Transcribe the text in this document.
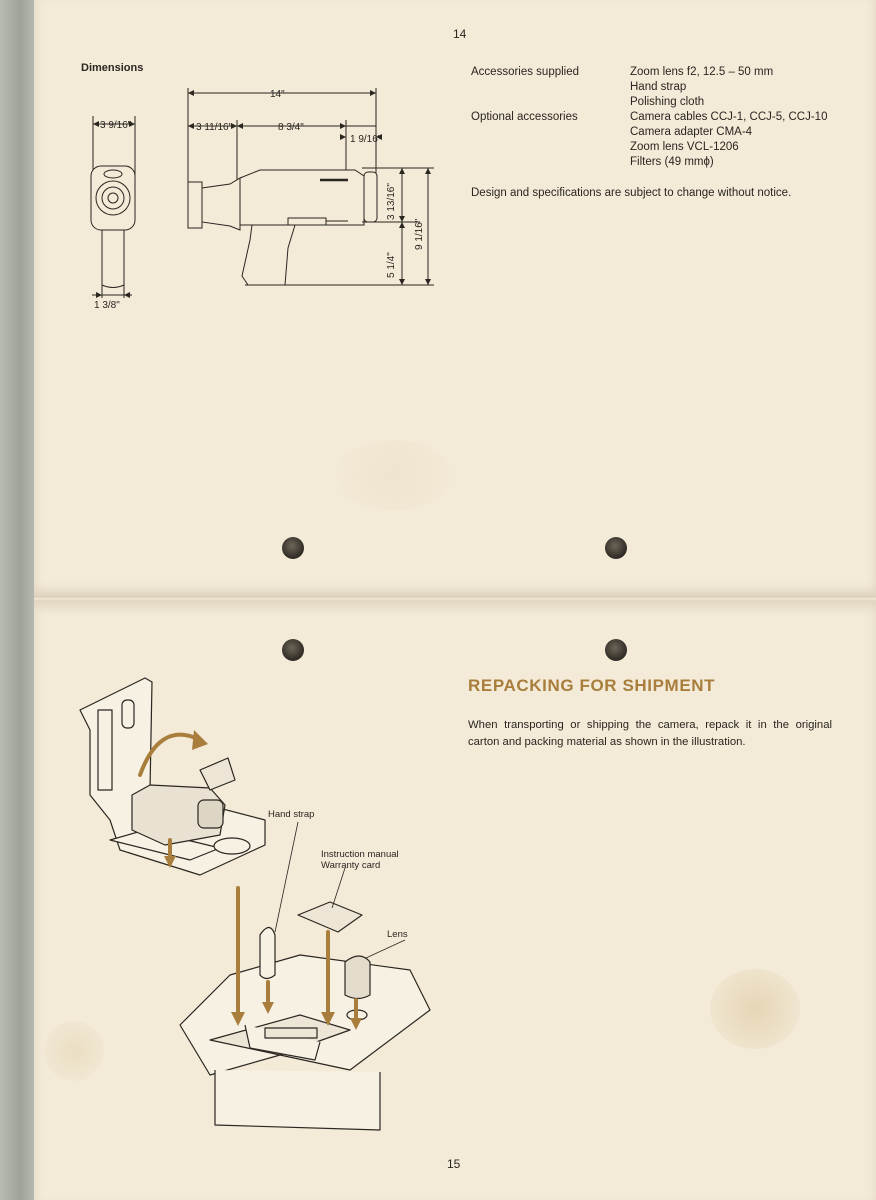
14
Dimensions
3 9/16"
1 3/8"
14"
3 11/16"	8 3/4"
1 9/16"
3 13/16"
5 1/4"
9 1/16"
Accessories supplied	Zoom lens f2, 12.5 – 50 mm
Hand strap
Polishing cloth
Optional accessories	Camera cables CCJ-1, CCJ-5, CCJ-10
Camera adapter CMA-4
Zoom lens VCL-1206
Filters (49 mmϕ)
Design and specifications are subject to change without notice.
REPACKING FOR SHIPMENT
When transporting or shipping the camera, repack it in the original carton and packing material as shown in the illustration.
Hand strap
Instruction manual
Warranty card
Lens
15
